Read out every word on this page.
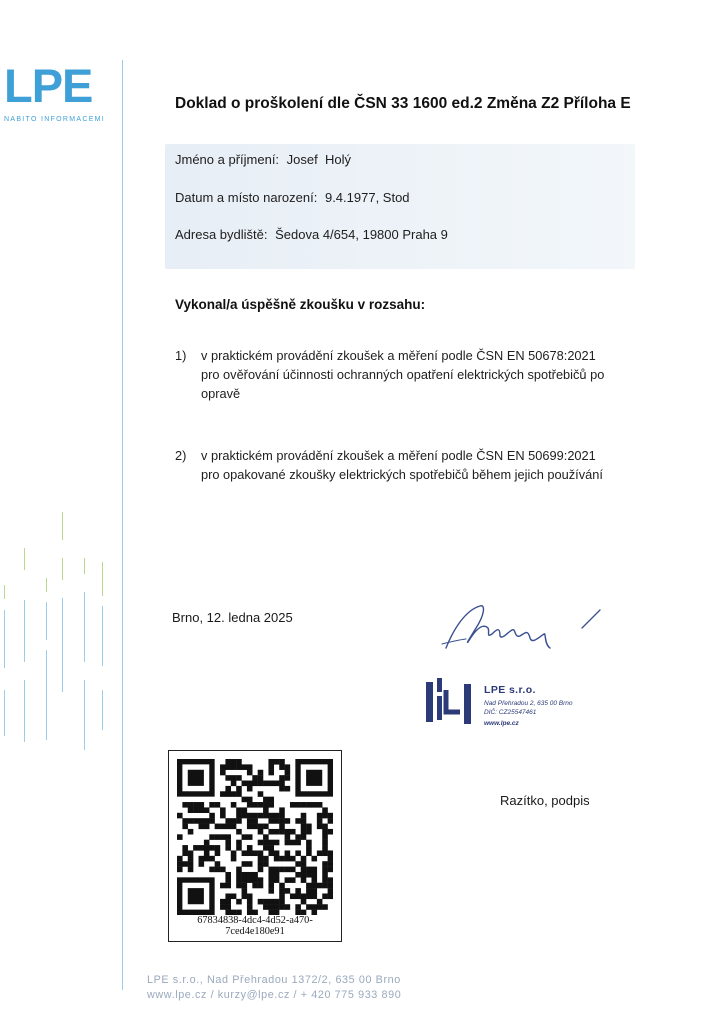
LPE
NABITO INFORMACEMI
Doklad o proškolení dle ČSN 33 1600 ed.2 Změna Z2 Příloha E
Jméno a příjmení: Josef  Holý
Datum a místo narození: 9.4.1977, Stod
Adresa bydliště: Šedova 4/654, 19800 Praha 9
Vykonal/a úspěšně zkoušku v rozsahu:
1)	v praktickém provádění zkoušek a měření podle ČSN EN 50678:2021
pro ověřování účinnosti ochranných opatření elektrických spotřebičů po
opravě
2)	v praktickém provádění zkoušek a měření podle ČSN EN 50699:2021
pro opakované zkoušky elektrických spotřebičů během jejich používání
Brno, 12. ledna 2025
LPE s.r.o.
Nad Přehradou 2, 635 00 Brno
DIČ: CZ25547461
www.lpe.cz
Razítko, podpis
67834838-4dc4-4d52-a470-7ced4e180e91
LPE s.r.o., Nad Přehradou 1372/2, 635 00 Brno
www.lpe.cz / kurzy@lpe.cz / + 420 775 933 890
